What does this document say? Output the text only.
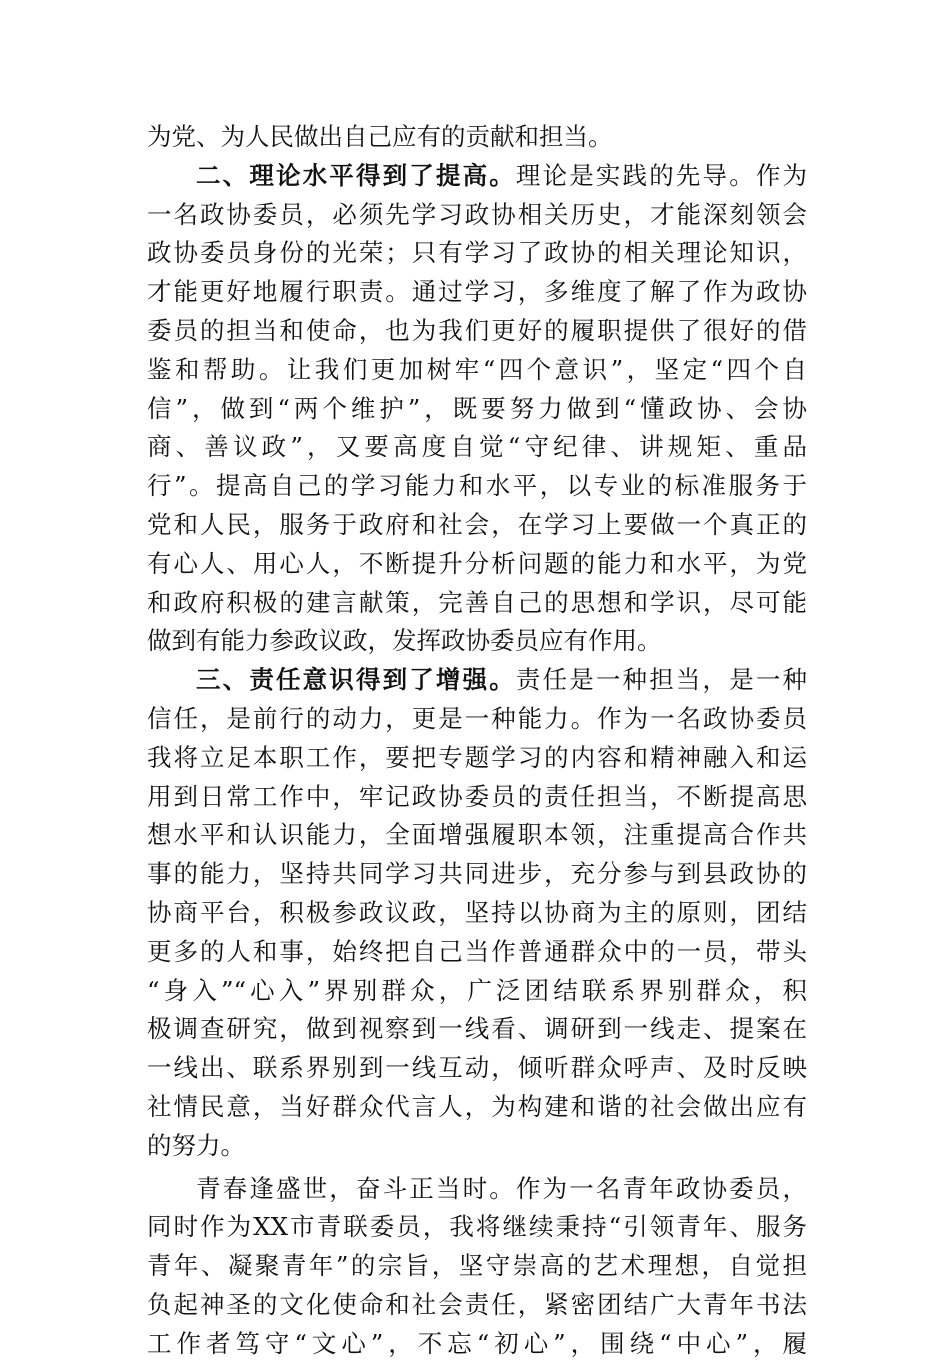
为党、为人民做出自己应有的贡献和担当。
二、理论水平得到了提高。理论是实践的先导。作为
一名政协委员，必须先学习政协相关历史，才能深刻领会
政协委员身份的光荣；只有学习了政协的相关理论知识，
才能更好地履行职责。通过学习，多维度了解了作为政协
委员的担当和使命，也为我们更好的履职提供了很好的借
鉴和帮助。让我们更加树牢“四个意识”，坚定“四个自
信”，做到“两个维护”，既要努力做到“懂政协、会协
商、善议政”，又要高度自觉“守纪律、讲规矩、重品
行”。提高自己的学习能力和水平，以专业的标准服务于
党和人民，服务于政府和社会，在学习上要做一个真正的
有心人、用心人，不断提升分析问题的能力和水平，为党
和政府积极的建言献策，完善自己的思想和学识，尽可能
做到有能力参政议政，发挥政协委员应有作用。
三、责任意识得到了增强。责任是一种担当，是一种
信任，是前行的动力，更是一种能力。作为一名政协委员
我将立足本职工作，要把专题学习的内容和精神融入和运
用到日常工作中，牢记政协委员的责任担当，不断提高思
想水平和认识能力，全面增强履职本领，注重提高合作共
事的能力，坚持共同学习共同进步，充分参与到县政协的
协商平台，积极参政议政，坚持以协商为主的原则，团结
更多的人和事，始终把自己当作普通群众中的一员，带头
“身入”“心入”界别群众，广泛团结联系界别群众，积
极调查研究，做到视察到一线看、调研到一线走、提案在
一线出、联系界别到一线互动，倾听群众呼声、及时反映
社情民意，当好群众代言人，为构建和谐的社会做出应有
的努力。
青春逢盛世，奋斗正当时。作为一名青年政协委员，
同时作为XX市青联委员，我将继续秉持“引领青年、服务
青年、凝聚青年”的宗旨，坚守崇高的艺术理想，自觉担
负起神圣的文化使命和社会责任，紧密团结广大青年书法
工作者笃守“文心”，不忘“初心”，围绕“中心”，履
